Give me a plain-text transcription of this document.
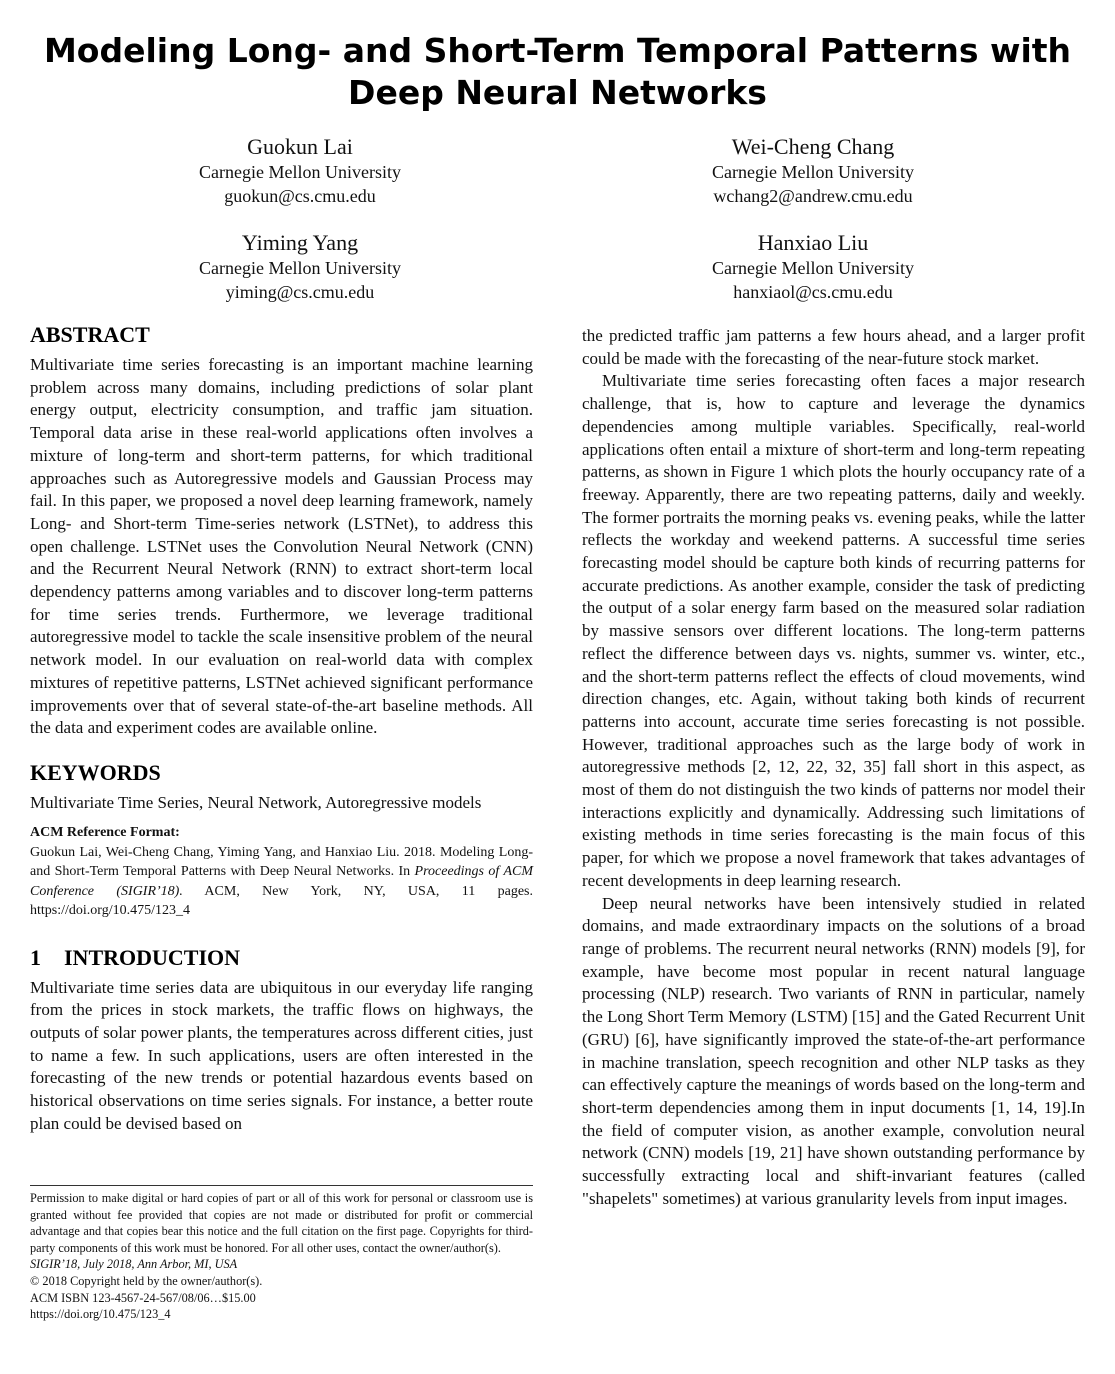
Modeling Long- and Short-Term Temporal Patterns with Deep Neural Networks
Guokun Lai
Carnegie Mellon University
guokun@cs.cmu.edu
Wei-Cheng Chang
Carnegie Mellon University
wchang2@andrew.cmu.edu
Yiming Yang
Carnegie Mellon University
yiming@cs.cmu.edu
Hanxiao Liu
Carnegie Mellon University
hanxiaol@cs.cmu.edu
ABSTRACT

Multivariate time series forecasting is an important machine learning problem across many domains, including predictions of solar plant energy output, electricity consumption, and traffic jam situation. Temporal data arise in these real-world applications often involves a mixture of long-term and short-term patterns, for which traditional approaches such as Autoregressive models and Gaussian Process may fail. In this paper, we proposed a novel deep learning framework, namely Long- and Short-term Time-series network (LSTNet), to address this open challenge. LSTNet uses the Convolution Neural Network (CNN) and the Recurrent Neural Network (RNN) to extract short-term local dependency patterns among variables and to discover long-term patterns for time series trends. Furthermore, we leverage traditional autoregressive model to tackle the scale insensitive problem of the neural network model. In our evaluation on real-world data with complex mixtures of repetitive patterns, LSTNet achieved significant performance improvements over that of several state-of-the-art baseline methods. All the data and experiment codes are available online.

KEYWORDS

Multivariate Time Series, Neural Network, Autoregressive models

ACM Reference Format:

Guokun Lai, Wei-Cheng Chang, Yiming Yang, and Hanxiao Liu. 2018. Modeling Long- and Short-Term Temporal Patterns with Deep Neural Networks. In Proceedings of ACM Conference (SIGIR’18). ACM, New York, NY, USA, 11 pages. https://doi.org/10.475/123_4

1 INTRODUCTION

Multivariate time series data are ubiquitous in our everyday life ranging from the prices in stock markets, the traffic flows on highways, the outputs of solar power plants, the temperatures across different cities, just to name a few. In such applications, users are often interested in the forecasting of the new trends or potential hazardous events based on historical observations on time series signals. For instance, a better route plan could be devised based on

Permission to make digital or hard copies of part or all of this work for personal or classroom use is granted without fee provided that copies are not made or distributed for profit or commercial advantage and that copies bear this notice and the full citation on the first page. Copyrights for third-party components of this work must be honored. For all other uses, contact the owner/author(s).

SIGIR’18, July 2018, Ann Arbor, MI, USA

© 2018 Copyright held by the owner/author(s).

ACM ISBN 123-4567-24-567/08/06…$15.00

https://doi.org/10.475/123_4

the predicted traffic jam patterns a few hours ahead, and a larger profit could be made with the forecasting of the near-future stock market.

Multivariate time series forecasting often faces a major research challenge, that is, how to capture and leverage the dynamics dependencies among multiple variables. Specifically, real-world applications often entail a mixture of short-term and long-term repeating patterns, as shown in Figure 1 which plots the hourly occupancy rate of a freeway. Apparently, there are two repeating patterns, daily and weekly. The former portraits the morning peaks vs. evening peaks, while the latter reflects the workday and weekend patterns. A successful time series forecasting model should be capture both kinds of recurring patterns for accurate predictions. As another example, consider the task of predicting the output of a solar energy farm based on the measured solar radiation by massive sensors over different locations. The long-term patterns reflect the difference between days vs. nights, summer vs. winter, etc., and the short-term patterns reflect the effects of cloud movements, wind direction changes, etc. Again, without taking both kinds of recurrent patterns into account, accurate time series forecasting is not possible. However, traditional approaches such as the large body of work in autoregressive methods [2, 12, 22, 32, 35] fall short in this aspect, as most of them do not distinguish the two kinds of patterns nor model their interactions explicitly and dynamically. Addressing such limitations of existing methods in time series forecasting is the main focus of this paper, for which we propose a novel framework that takes advantages of recent developments in deep learning research.

Deep neural networks have been intensively studied in related domains, and made extraordinary impacts on the solutions of a broad range of problems. The recurrent neural networks (RNN) models [9], for example, have become most popular in recent natural language processing (NLP) research. Two variants of RNN in particular, namely the Long Short Term Memory (LSTM) [15] and the Gated Recurrent Unit (GRU) [6], have significantly improved the state-of-the-art performance in machine translation, speech recognition and other NLP tasks as they can effectively capture the meanings of words based on the long-term and short-term dependencies among them in input documents [1, 14, 19].In the field of computer vision, as another example, convolution neural network (CNN) models [19, 21] have shown outstanding performance by successfully extracting local and shift-invariant features (called "shapelets" sometimes) at various granularity levels from input images.
